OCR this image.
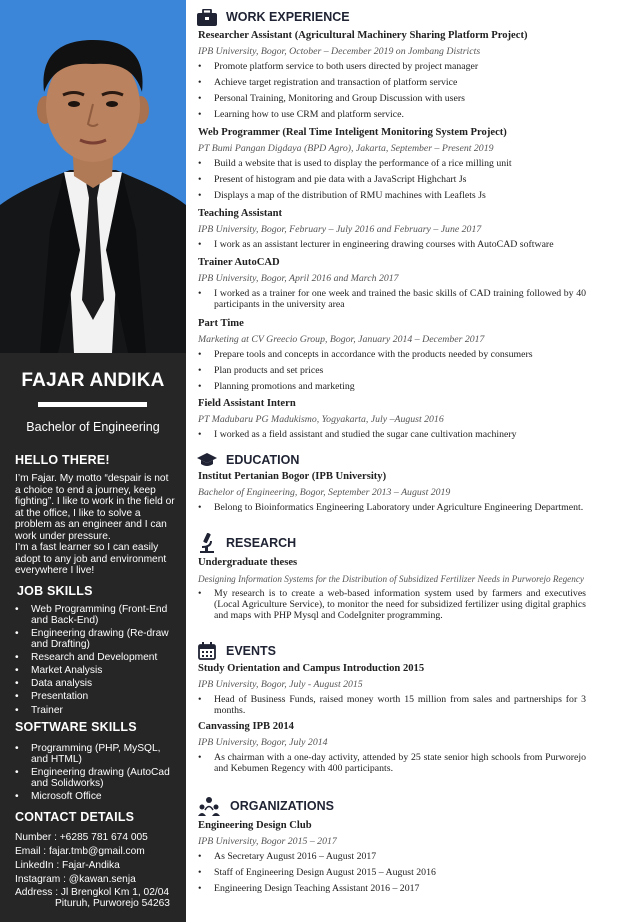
FAJAR ANDIKA
Bachelor of Engineering
HELLO THERE!
I’m Fajar. My motto “despair is not a choice to end a journey, keep fighting”. I like to work in the field or at the office, I like to solve a problem as an engineer and I can work under pressure.
I’m a fast learner so I can easily adopt to any job and environment everywhere I live!
JOB SKILLS
• Web Programming (Front-End and Back-End)
• Engineering drawing (Re-draw and Drafting)
• Research and Development
• Market Analysis
• Data analysis
• Presentation
• Trainer
SOFTWARE SKILLS
• Programming (PHP, MySQL, and HTML)
• Engineering drawing (AutoCad and Solidworks)
• Microsoft Office
CONTACT DETAILS
Number : +6285 781 674 005
Email : fajar.tmb@gmail.com
LinkedIn : Fajar-Andika
Instagram : @kawan.senja
Address : Jl Brengkol Km 1, 02/04
Pituruh, Purworejo 54263
WORK EXPERIENCE
Researcher Assistant (Agricultural Machinery Sharing Platform Project)
IPB University, Bogor, October – December 2019 on Jombang Districts
• Promote platform service to both users directed by project manager
• Achieve target registration and transaction of platform service
• Personal Training, Monitoring and Group Discussion with users
• Learning how to use CRM and platform service.
Web Programmer (Real Time Inteligent Monitoring System Project)
PT Bumi Pangan Digdaya (BPD Agro), Jakarta, September – Present 2019
• Build a website that is used to display the performance of a rice milling unit
• Present of histogram and pie data with a JavaScript Highchart Js
• Displays a map of the distribution of RMU machines with Leaflets Js
Teaching Assistant
IPB University, Bogor, February – July 2016 and February – June 2017
• I work as an assistant lecturer in engineering drawing courses with AutoCAD software
Trainer AutoCAD
IPB University, Bogor, April 2016 and March 2017
• I worked as a trainer for one week and trained the basic skills of CAD training followed by 40 participants in the university area
Part Time
Marketing at CV Greecio Group, Bogor, January 2014 – December 2017
• Prepare tools and concepts in accordance with the products needed by consumers
• Plan products and set prices
• Planning promotions and marketing
Field Assistant Intern
PT Madubaru PG Madukismo, Yogyakarta, July –August 2016
• I worked as a field assistant and studied the sugar cane cultivation machinery
EDUCATION
Institut Pertanian Bogor (IPB University)
Bachelor of Engineering, Bogor, September 2013 – August 2019
• Belong to Bioinformatics Engineering Laboratory under Agriculture Engineering Department.
RESEARCH
Undergraduate theses
Designing Information Systems for the Distribution of Subsidized Fertilizer Needs in Purworejo Regency
• My research is to create a web-based information system used by farmers and executives (Local Agriculture Service), to monitor the need for subsidized fertilizer using digital graphics and maps with PHP Mysql and CodeIgniter programming.
EVENTS
Study Orientation and Campus Introduction 2015
IPB University, Bogor, July - August 2015
• Head of Business Funds, raised money worth 15 million from sales and partnerships for 3 months.
Canvassing IPB 2014
IPB University, Bogor, July 2014
• As chairman with a one-day activity, attended by 25 state senior high schools from Purworejo and Kebumen Regency with 400 participants.
ORGANIZATIONS
Engineering Design Club
IPB University, Bogor 2015 – 2017
• As Secretary August 2016 – August 2017
• Staff of Engineering Design August 2015 – August 2016
• Engineering Design Teaching Assistant 2016 – 2017
